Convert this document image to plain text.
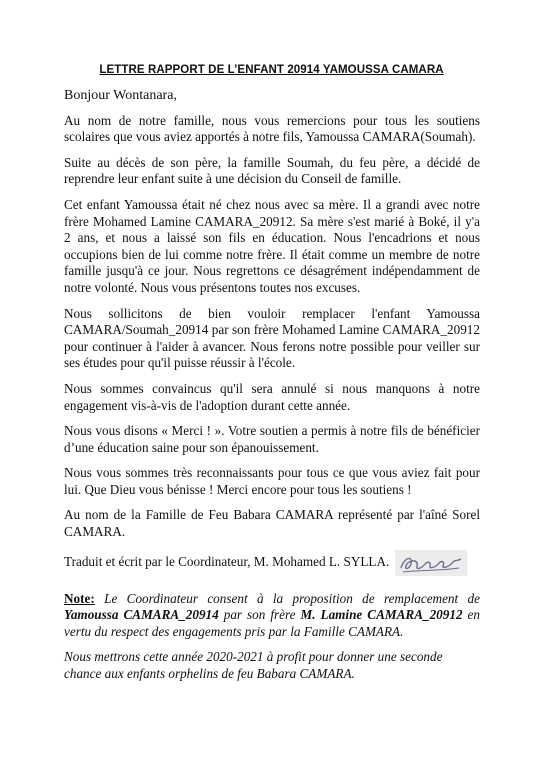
LETTRE RAPPORT DE L’ENFANT 20914 YAMOUSSA CAMARA

Bonjour Wontanara,

Au nom de notre famille, nous vous remercions pour tous les soutiens scolaires que vous aviez apportés à notre fils, Yamoussa CAMARA(Soumah).

Suite au décès de son père, la famille Soumah, du feu père, a décidé de reprendre leur enfant suite à une décision du Conseil de famille.

Cet enfant Yamoussa était né chez nous avec sa mère. Il a grandi avec notre frère Mohamed Lamine CAMARA_20912. Sa mère s'est marié à Boké, il y'a 2 ans, et nous a laissé son fils en éducation. Nous l'encadrions et nous occupions bien de lui comme notre frère. Il était comme un membre de notre famille jusqu'à ce jour. Nous regrettons ce désagrément indépendamment de notre volonté. Nous vous présentons toutes nos excuses.

Nous sollicitons de bien vouloir remplacer l'enfant Yamoussa CAMARA/Soumah_20914 par son frère Mohamed Lamine CAMARA_20912 pour continuer à l'aider à avancer. Nous ferons notre possible pour veiller sur ses études pour qu'il puisse réussir à l'école.

Nous sommes convaincus qu'il sera annulé si nous manquons à notre engagement vis-à-vis de l'adoption durant cette année.

Nous vous disons « Merci ! ». Votre soutien a permis à notre fils de bénéficier d’une éducation saine pour son épanouissement.

Nous vous sommes très reconnaissants pour tous ce que vous aviez fait pour lui. Que Dieu vous bénisse ! Merci encore pour tous les soutiens !

Au nom de la Famille de Feu Babara CAMARA représenté par l'aîné Sorel CAMARA.

Traduit et écrit par le Coordinateur, M. Mohamed L. SYLLA.

Note: Le Coordinateur consent à la proposition de remplacement de Yamoussa CAMARA_20914 par son frère M. Lamine CAMARA_20912 en vertu du respect des engagements pris par la Famille CAMARA.

Nous mettrons cette année 2020-2021 à profit pour donner une seconde chance aux enfants orphelins de feu Babara CAMARA.
